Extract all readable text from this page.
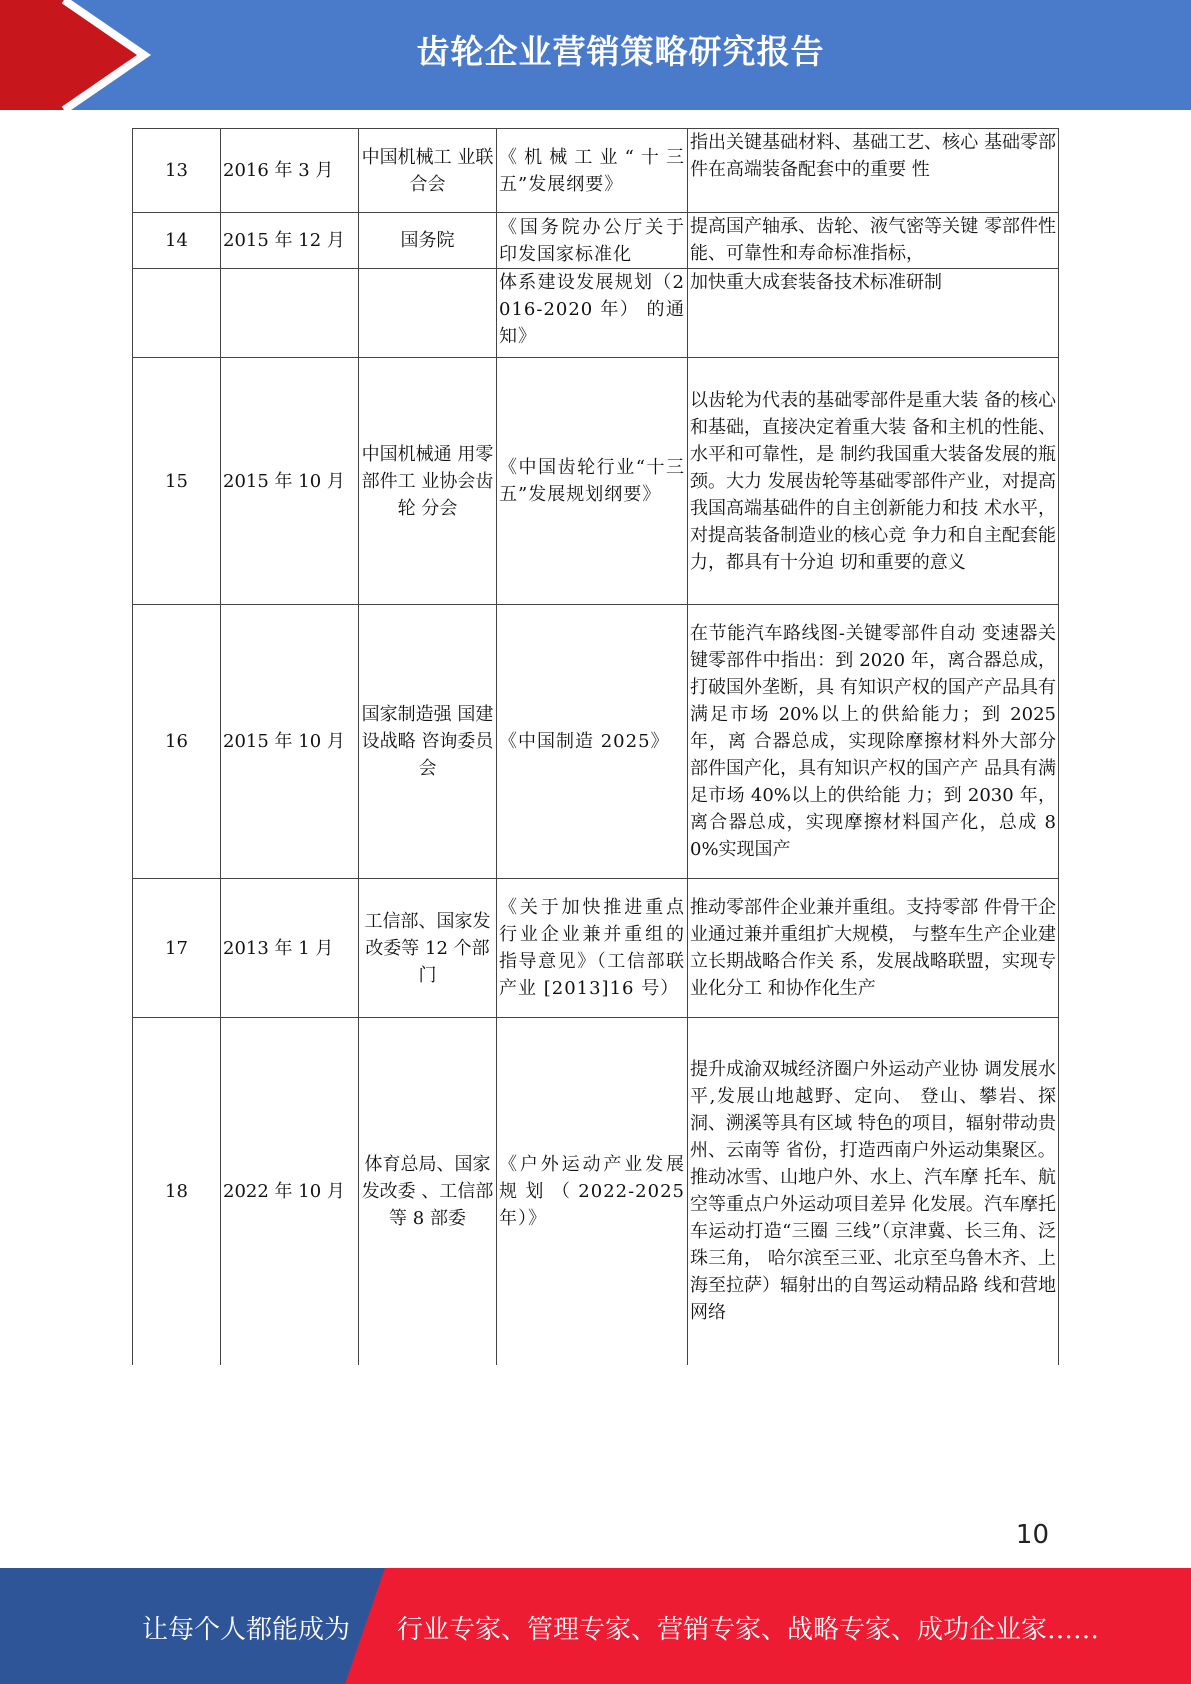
齿轮企业营销策略研究报告
13	2016 年 3 月	中国机械工 业联合会	《机械工业“十三五”发展纲要》	指出关键基础材料、基础工艺、核心 基础零部件在高端装备配套中的重要 性
14	2015 年 12 月	国务院	《国务院办公厅关于印发国家标准化	提高国产轴承、齿轮、液气密等关键 零部件性能、可靠性和寿命标准指标，
			体系建设发展规划（2016-2020 年） 的通知》	加快重大成套装备技术标准研制
15	2015 年 10 月	中国机械通 用零部件工 业协会齿轮 分会	《中国齿轮行业“十三五”发展规划纲要》	以齿轮为代表的基础零部件是重大装 备的核心和基础，直接决定着重大装 备和主机的性能、水平和可靠性，是 制约我国重大装备发展的瓶颈。大力 发展齿轮等基础零部件产业，对提高 我国高端基础件的自主创新能力和技 术水平，对提高装备制造业的核心竞 争力和自主配套能力，都具有十分迫 切和重要的意义
16	2015 年 10 月	国家制造强 国建设战略 咨询委员会	《中国制造 2025》	在节能汽车路线图-关键零部件自动 变速器关键零部件中指出：到 2020 年，离合器总成，打破国外垄断，具 有知识产权的国产产品具有满足市场 20%以上的供給能力；到 2025 年，离 合器总成，实现除摩擦材料外大部分 部件国产化，具有知识产权的国产产 品具有满足市场 40%以上的供给能 力；到 2030 年，离合器总成，实现摩擦材料国产化，总成 80%实现国产
17	2013 年 1 月	工信部、国家发改委等 12 个部门	《关于加快推进重点行业企业兼并重组的指导意见》（工信部联产业 [2013]16 号）	推动零部件企业兼并重组。支持零部 件骨干企业通过兼并重组扩大规模， 与整车生产企业建立长期战略合作关 系，发展战略联盟，实现专业化分工 和协作化生产
18	2022 年 10 月	体育总局、国家发改委 、工信部等 8 部委	《户外运动产业发展规划（2022-2025 年）》	提升成渝双城经济圈户外运动产业协 调发展水平,发展山地越野、定向、 登山、攀岩、探洞、溯溪等具有区域 特色的项目，辐射带动贵州、云南等 省份，打造西南户外运动集聚区。
推动冰雪、山地户外、水上、汽车摩 托车、航空等重点户外运动项目差异 化发展。汽车摩托车运动打造“三圈 三线”（京津冀、长三角、泛珠三角， 哈尔滨至三亚、北京至乌鲁木齐、上 海至拉萨）辐射出的自驾运动精品路 线和营地网络
10
让每个人都能成为 行业专家、管理专家、营销专家、战略专家、成功企业家……
